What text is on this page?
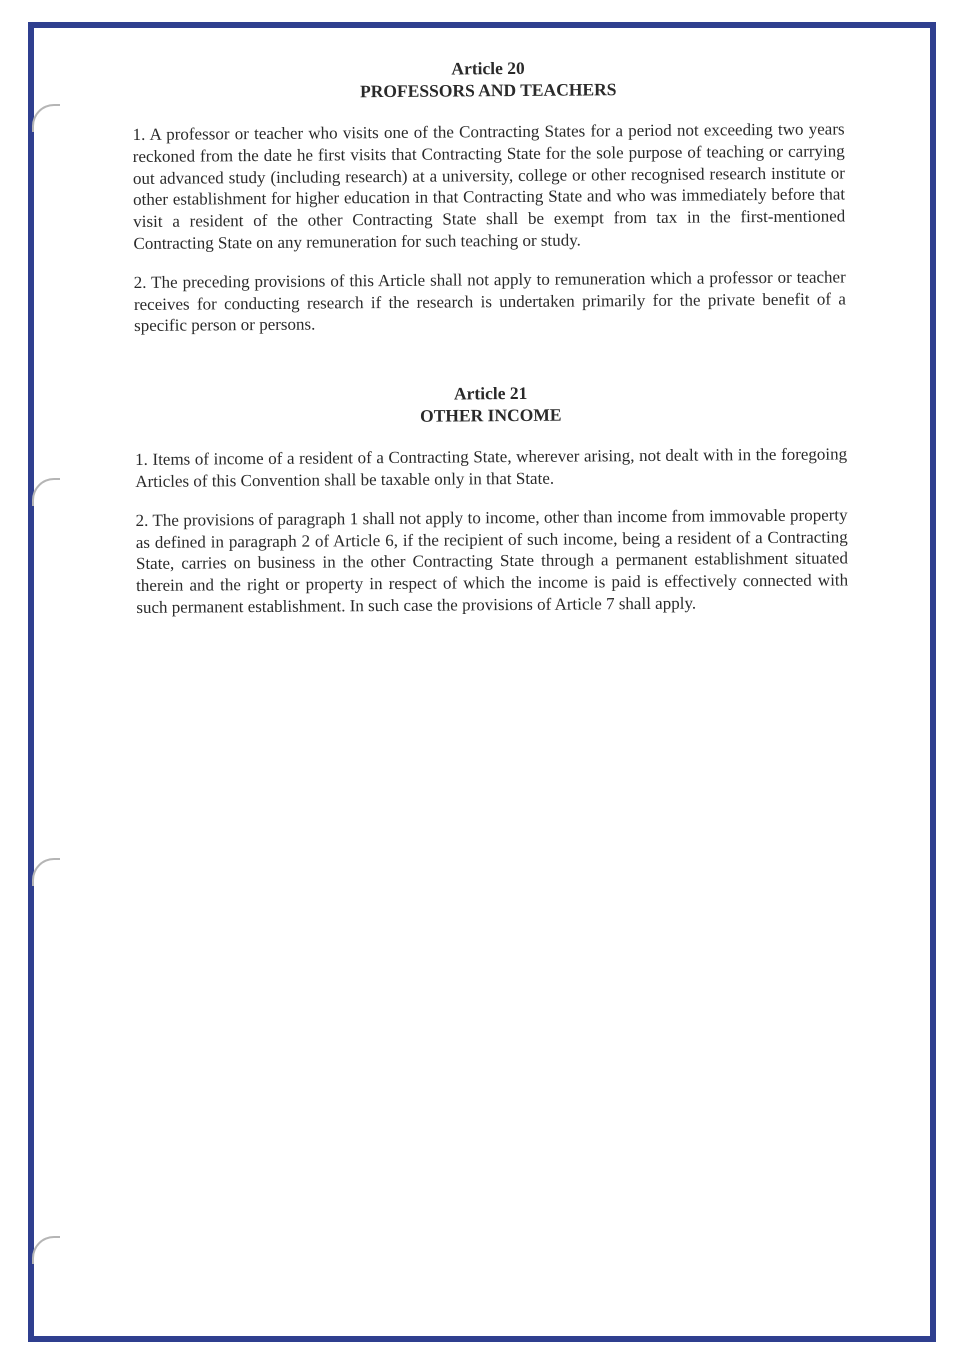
Article 20
PROFESSORS AND TEACHERS

1. A professor or teacher who visits one of the Contracting States for a period not exceeding two years reckoned from the date he first visits that Contracting State for the sole purpose of teaching or carrying out advanced study (including research) at a university, college or other recognised research institute or other establishment for higher education in that Contracting State and who was immediately before that visit a resident of the other Contracting State shall be exempt from tax in the first-mentioned Contracting State on any remuneration for such teaching or study.

2. The preceding provisions of this Article shall not apply to remuneration which a professor or teacher receives for conducting research if the research is undertaken primarily for the private benefit of a specific person or persons.

Article 21
OTHER INCOME

1. Items of income of a resident of a Contracting State, wherever arising, not dealt with in the foregoing Articles of this Convention shall be taxable only in that State.

2. The provisions of paragraph 1 shall not apply to income, other than income from immovable property as defined in paragraph 2 of Article 6, if the recipient of such income, being a resident of a Contracting State, carries on business in the other Contracting State through a permanent establishment situated therein and the right or property in respect of which the income is paid is effectively connected with such permanent establishment. In such case the provisions of Article 7 shall apply.
